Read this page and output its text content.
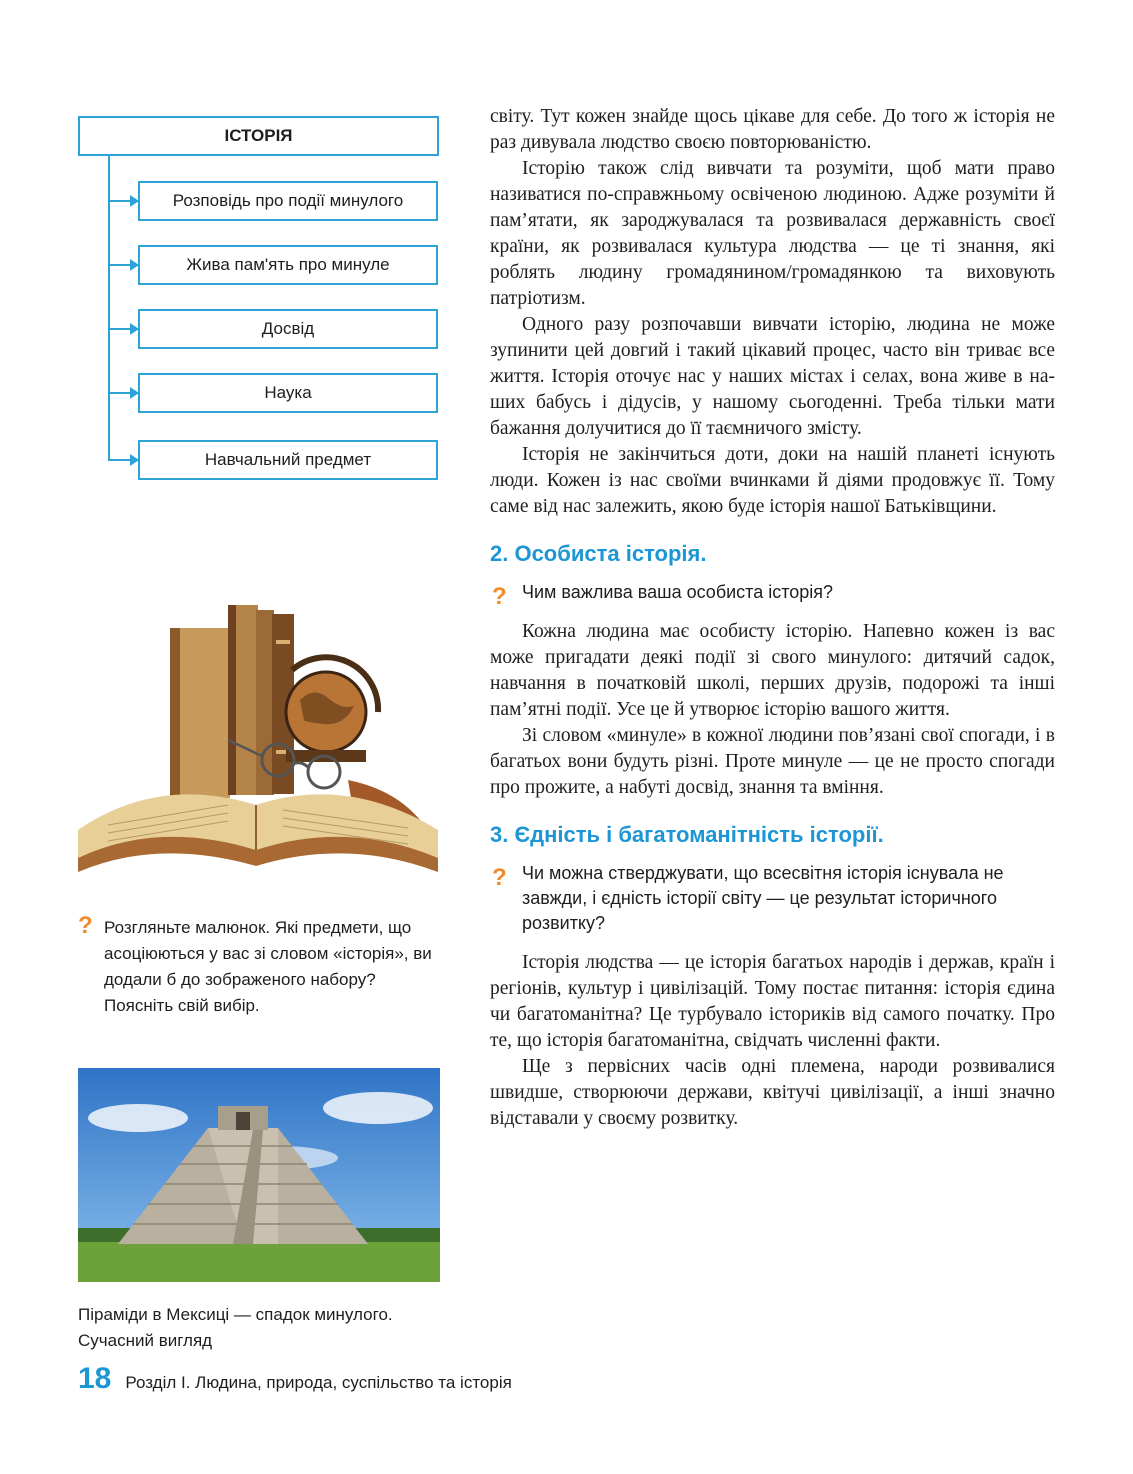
ІСТОРІЯ
Розповідь про події минулого
Жива пам'ять про минуле
Досвід
Наука
Навчальний предмет
? Розгляньте малюнок. Які предмети, що асоціюються у вас зі словом «історія», ви додали б до зображеного набору? Поясніть свій вибір.
Піраміди в Мексиці — спадок минулого. Сучасний вигляд

світу. Тут кожен знайде щось цікаве для себе. До того ж історія не раз дивувала людство своєю повторюваністю.

Історію також слід вивчати та розуміти, щоб мати право називатися по-справжньому освіченою людиною. Адже розуміти й пам’ятати, як зароджувалася та розвивалася державність своєї країни, як розвивалася культура людства — це ті знання, які роблять людину громадянином/громадянкою та виховують патріотизм.

Одного разу розпочавши вивчати історію, людина не може зупинити цей довгий і такий цікавий процес, часто він триває все життя. Історія оточує нас у наших містах і селах, вона живе в наших бабусь і дідусів, у нашому сьогоденні. Треба тільки мати бажання долучитися до її таємничого змісту.

Історія не закінчиться доти, доки на нашій планеті існують люди. Кожен із нас своїми вчинками й діями продовжує її. Тому саме від нас залежить, якою буде історія нашої Батьківщини.

2. Особиста історія.
? Чим важлива ваша особиста історія?

Кожна людина має особисту історію. Напевно кожен із вас може пригадати деякі події зі свого минулого: дитячий садок, навчання в початковій школі, перших друзів, подорожі та інші пам’ятні події. Усе це й утворює історію вашого життя.

Зі словом «минуле» в кожної людини пов’язані свої спогади, і в багатьох вони будуть різні. Проте минуле — це не просто спогади про прожите, а набуті досвід, знання та вміння.

3. Єдність і багатоманітність історії.
? Чи можна стверджувати, що всесвітня історія існувала не завжди, і єдність історії світу — це результат історичного розвитку?

Історія людства — це історія багатьох народів і держав, країн і регіонів, культур і цивілізацій. Тому постає питання: історія єдина чи багатоманітна? Це турбувало істориків від самого початку. Про те, що історія багатоманітна, свідчать численні факти.

Ще з первісних часів одні племена, народи розвивалися швидше, створюючи держави, квітучі цивілізації, а інші значно відставали у своєму розвитку.

18 Розділ І. Людина, природа, суспільство та історія
